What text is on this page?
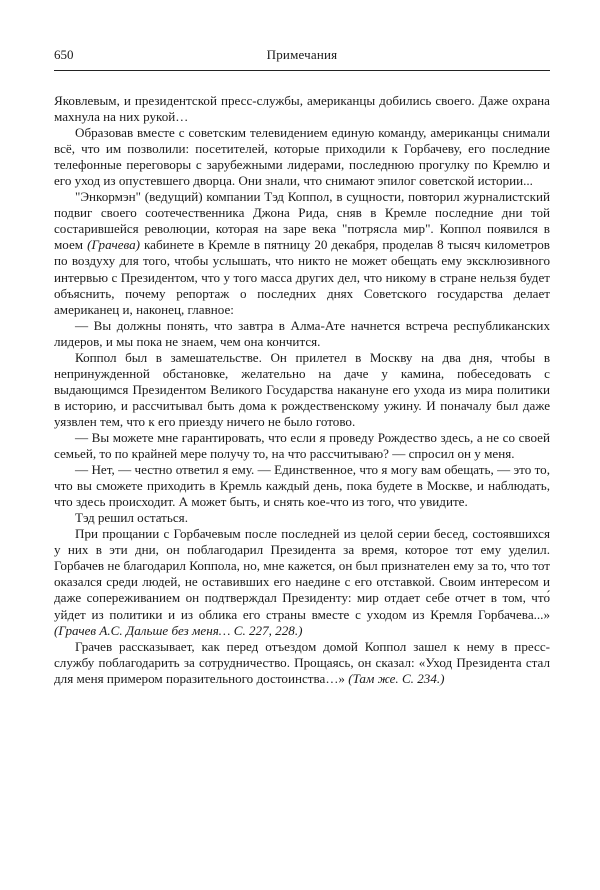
650	Примечания

Яковлевым, и президентской пресс-службы, американцы добились своего. Даже охрана махнула на них рукой…

Образовав вместе с советским телевидением единую команду, американцы снимали всё, что им позволили: посетителей, которые приходили к Горбачеву, его последние телефонные переговоры с зарубежными лидерами, последнюю прогулку по Кремлю и его уход из опустевшего дворца. Они знали, что снимают эпилог советской истории...

"Энкормэн" (ведущий) компании Тэд Коппол, в сущности, повторил журналистский подвиг своего соотечественника Джона Рида, сняв в Кремле последние дни той состарившейся революции, которая на заре века "потрясла мир". Коппол появился в моем (Грачева) кабинете в Кремле в пятницу 20 декабря, проделав 8 тысяч километров по воздуху для того, чтобы услышать, что никто не может обещать ему эксклюзивного интервью с Президентом, что у того масса других дел, что никому в стране нельзя будет объяснить, почему репортаж о последних днях Советского государства делает американец и, наконец, главное:

— Вы должны понять, что завтра в Алма-Ате начнется встреча республиканских лидеров, и мы пока не знаем, чем она кончится.

Коппол был в замешательстве. Он прилетел в Москву на два дня, чтобы в непринужденной обстановке, желательно на даче у камина, побеседовать с выдающимся Президентом Великого Государства накануне его ухода из мира политики в историю, и рассчитывал быть дома к рождественскому ужину. И поначалу был даже уязвлен тем, что к его приезду ничего не было готово.

— Вы можете мне гарантировать, что если я проведу Рождество здесь, а не со своей семьей, то по крайней мере получу то, на что рассчитываю? — спросил он у меня.

— Нет, — честно ответил я ему. — Единственное, что я могу вам обещать, — это то, что вы сможете приходить в Кремль каждый день, пока будете в Москве, и наблюдать, что здесь происходит. А может быть, и снять кое-что из того, что увидите.

Тэд решил остаться.

При прощании с Горбачевым после последней из целой серии бесед, состоявшихся у них в эти дни, он поблагодарил Президента за время, которое тот ему уделил. Горбачев не благодарил Коппола, но, мне кажется, он был признателен ему за то, что тот оказался среди людей, не оставивших его наедине с его отставкой. Своим интересом и даже сопереживанием он подтверждал Президенту: мир отдает себе отчет в том, что́ уйдет из политики и из облика его страны вместе с уходом из Кремля Горбачева...» (Грачев А.С. Дальше без меня… С. 227, 228.)

Грачев рассказывает, как перед отъездом домой Коппол зашел к нему в пресс-службу поблагодарить за сотрудничество. Прощаясь, он сказал: «Уход Президента стал для меня примером поразительного достоинства…» (Там же. С. 234.)
